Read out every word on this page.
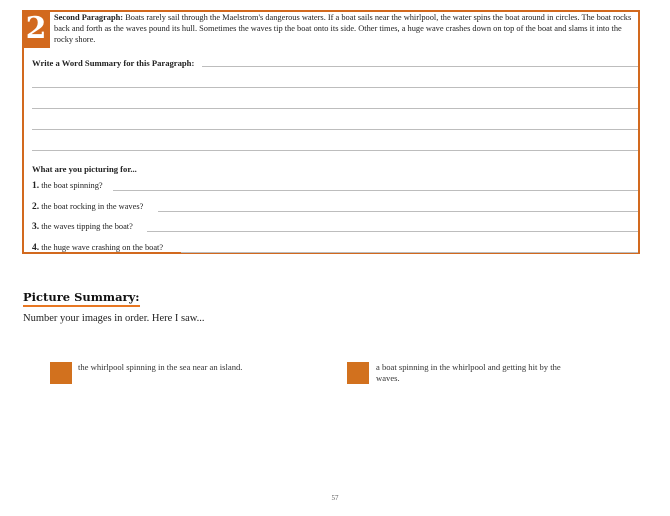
2 Second Paragraph: Boats rarely sail through the Maelstrom's dangerous waters. If a boat sails near the whirlpool, the water spins the boat around in circles. The boat rocks back and forth as the waves pound its hull. Sometimes the waves tip the boat onto its side. Other times, a huge wave crashes down on top of the boat and slams it into the rocky shore.
Write a Word Summary for this Paragraph:
What are you picturing for...
1. the boat spinning?
2. the boat rocking in the waves?
3. the waves tipping the boat?
4. the huge wave crashing on the boat?
Picture Summary:
Number your images in order. Here I saw...
the whirlpool spinning in the sea near an island.	a boat spinning in the whirlpool and getting hit by the waves.
57
